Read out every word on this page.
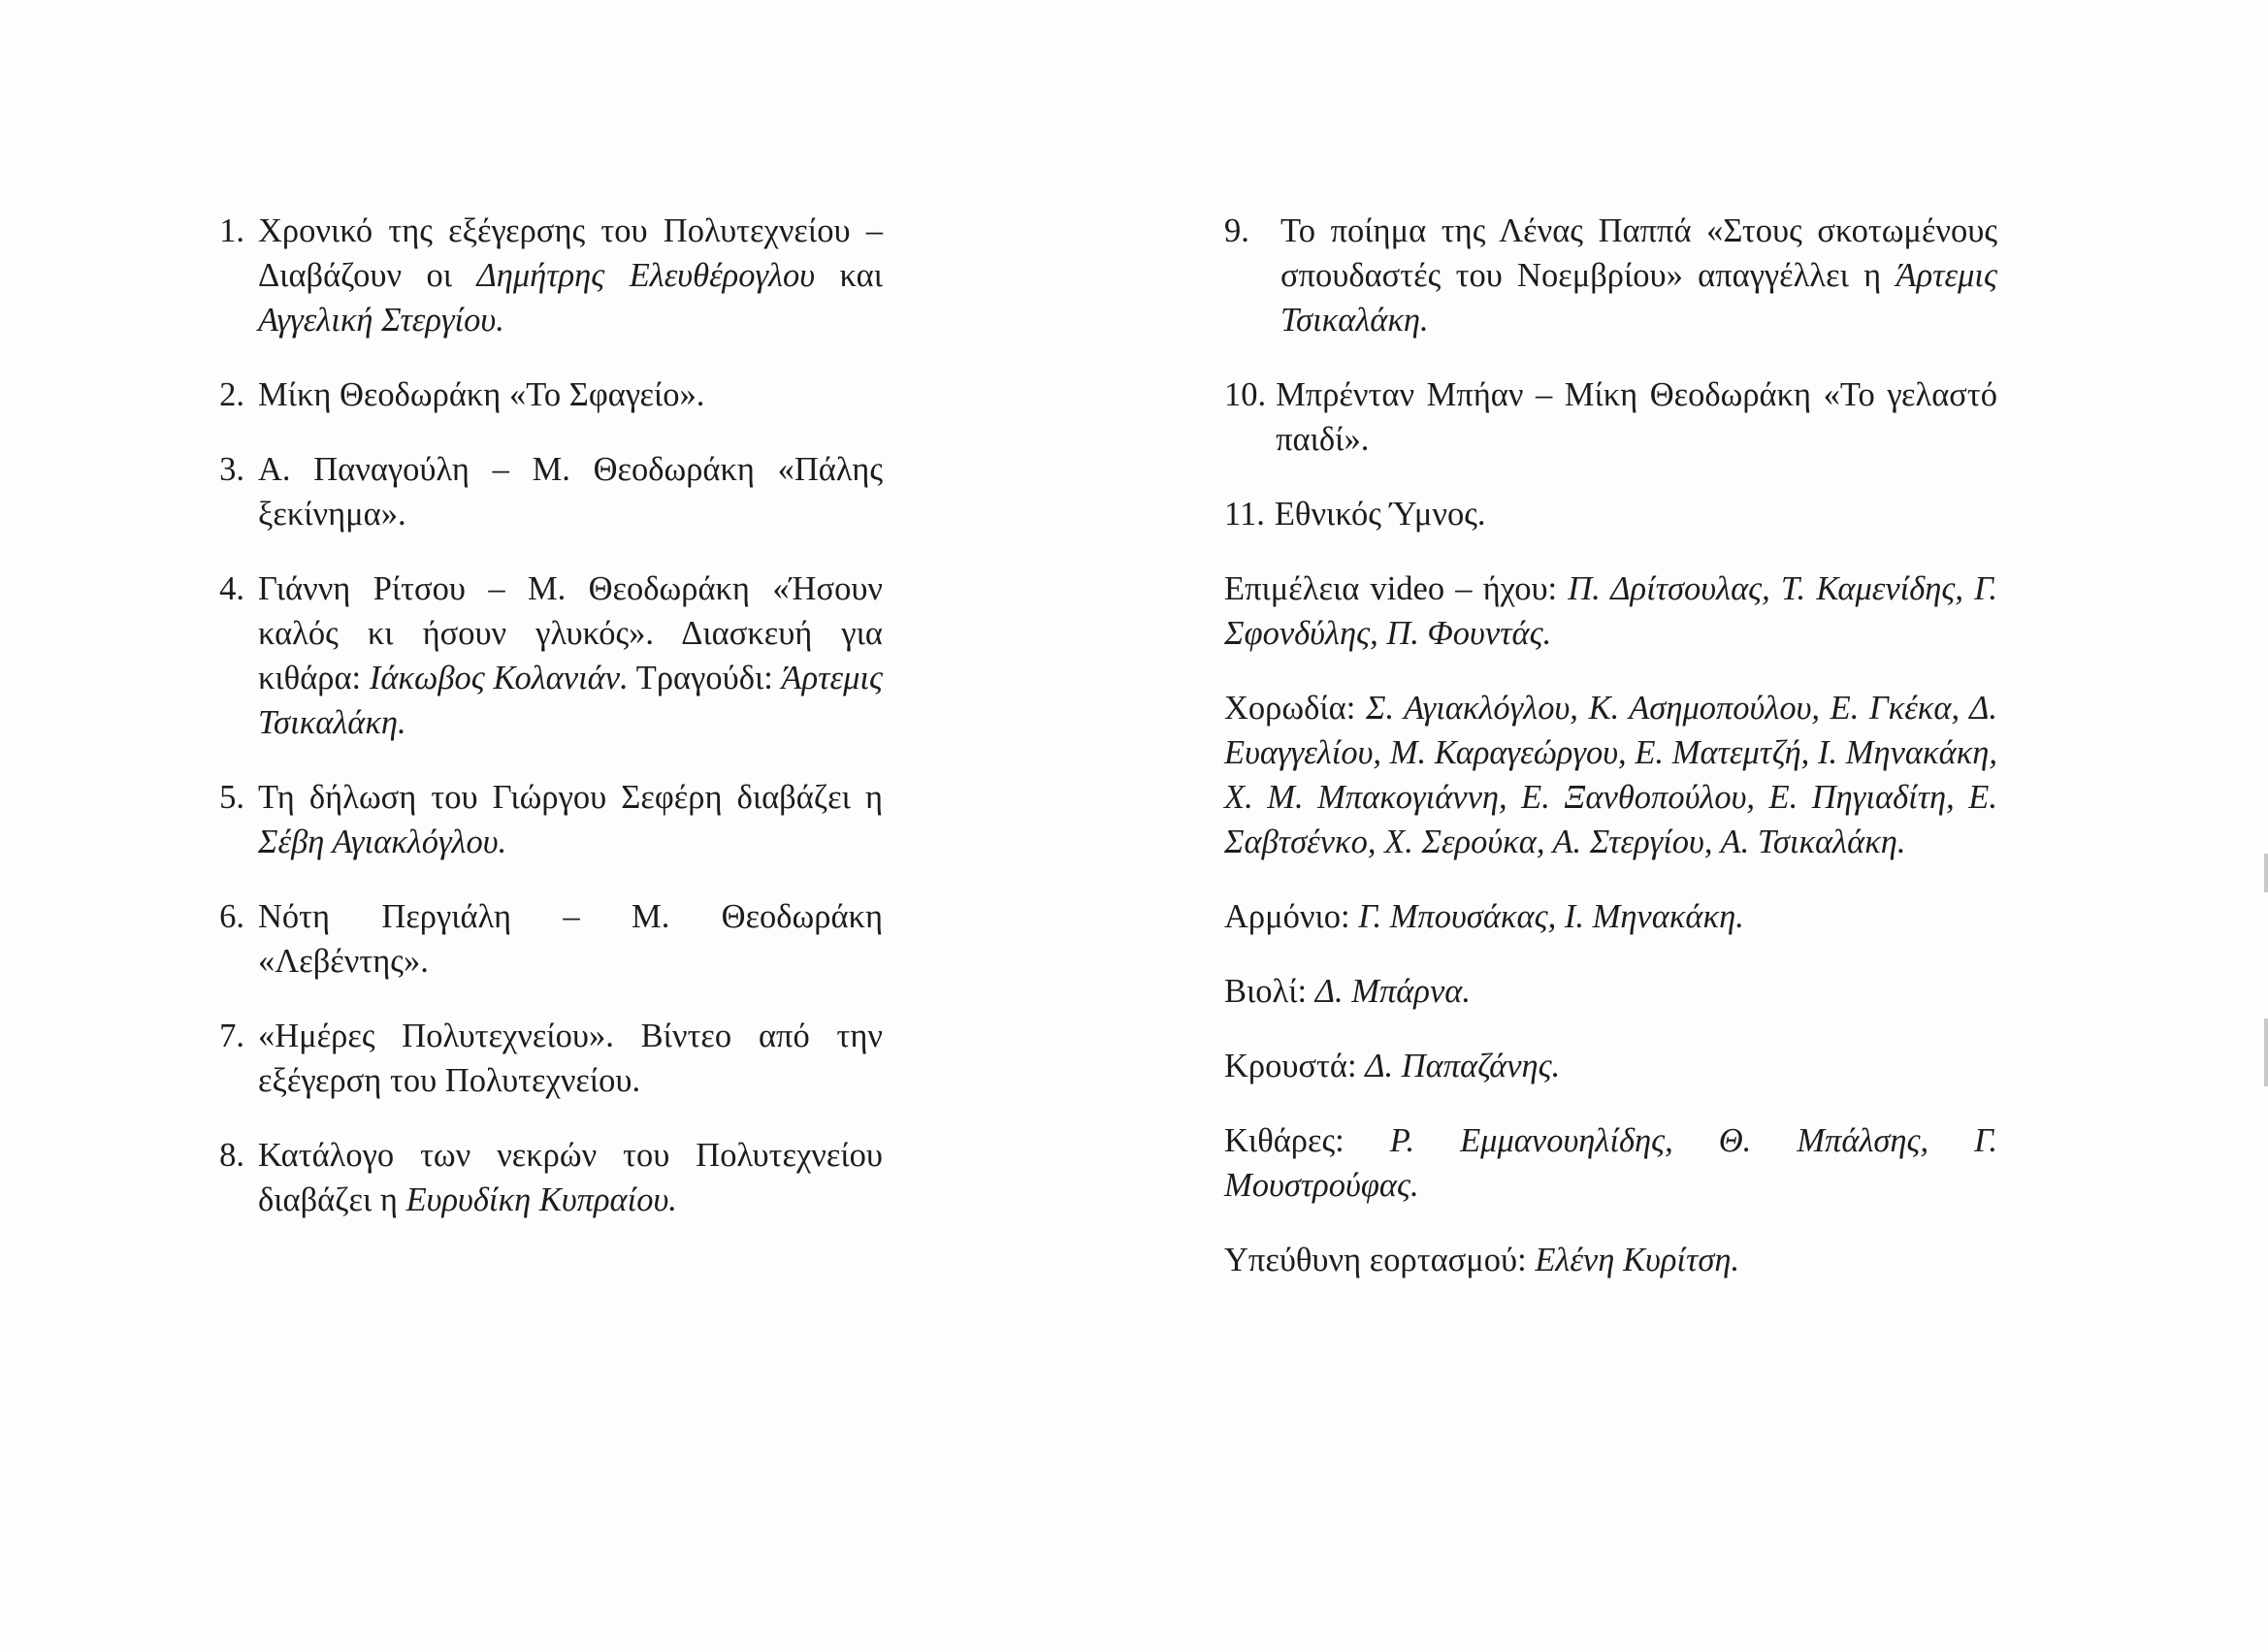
1. Χρονικό της εξέγερσης του Πολυτεχνείου – Διαβάζουν οι Δημήτρης Ελευθέρογλου και Αγγελική Στεργίου.
2. Μίκη Θεοδωράκη «Το Σφαγείο».
3. Α. Παναγούλη – Μ. Θεοδωράκη «Πάλης ξεκίνημα».
4. Γιάννη Ρίτσου – Μ. Θεοδωράκη «Ήσουν καλός κι ήσουν γλυκός». Διασκευή για κιθάρα: Ιάκωβος Κολανιάν. Τραγούδι: Άρτεμις Τσικαλάκη.
5. Τη δήλωση του Γιώργου Σεφέρη διαβάζει η Σέβη Αγιακλόγλου.
6. Νότη Περγιάλη – Μ. Θεοδωράκη «Λεβέντης».
7. «Ημέρες Πολυτεχνείου». Βίντεο από την εξέγερση του Πολυτεχνείου.
8. Κατάλογο των νεκρών του Πολυτεχνείου διαβάζει η Ευρυδίκη Κυπραίου.
9. Το ποίημα της Λένας Παππά «Στους σκοτωμένους σπουδαστές του Νοεμβρίου» απαγγέλλει η Άρτεμις Τσικαλάκη.
10. Μπρένταν Μπήαν – Μίκη Θεοδωράκη «Το γελαστό παιδί».
11. Εθνικός Ύμνος.

Επιμέλεια video – ήχου: Π. Δρίτσουλας, Τ. Καμενίδης, Γ. Σφονδύλης, Π. Φουντάς.

Χορωδία: Σ. Αγιακλόγλου, Κ. Ασημοπούλου, Ε. Γκέκα, Δ. Ευαγγελίου, Μ. Καραγεώργου, Ε. Ματεμτζή, Ι. Μηνακάκη, Χ. Μ. Μπακογιάννη, Ε. Ξανθοπούλου, Ε. Πηγιαδίτη, Ε. Σαβτσένκο, Χ. Σερούκα, Α. Στεργίου, Α. Τσικαλάκη.

Αρμόνιο: Γ. Μπουσάκας, Ι. Μηνακάκη.

Βιολί: Δ. Μπάρνα.

Κρουστά: Δ. Παπαζάνης.

Κιθάρες: Ρ. Εμμανουηλίδης, Θ. Μπάλσης, Γ. Μουστρούφας.

Υπεύθυνη εορτασμού: Ελένη Κυρίτση.
